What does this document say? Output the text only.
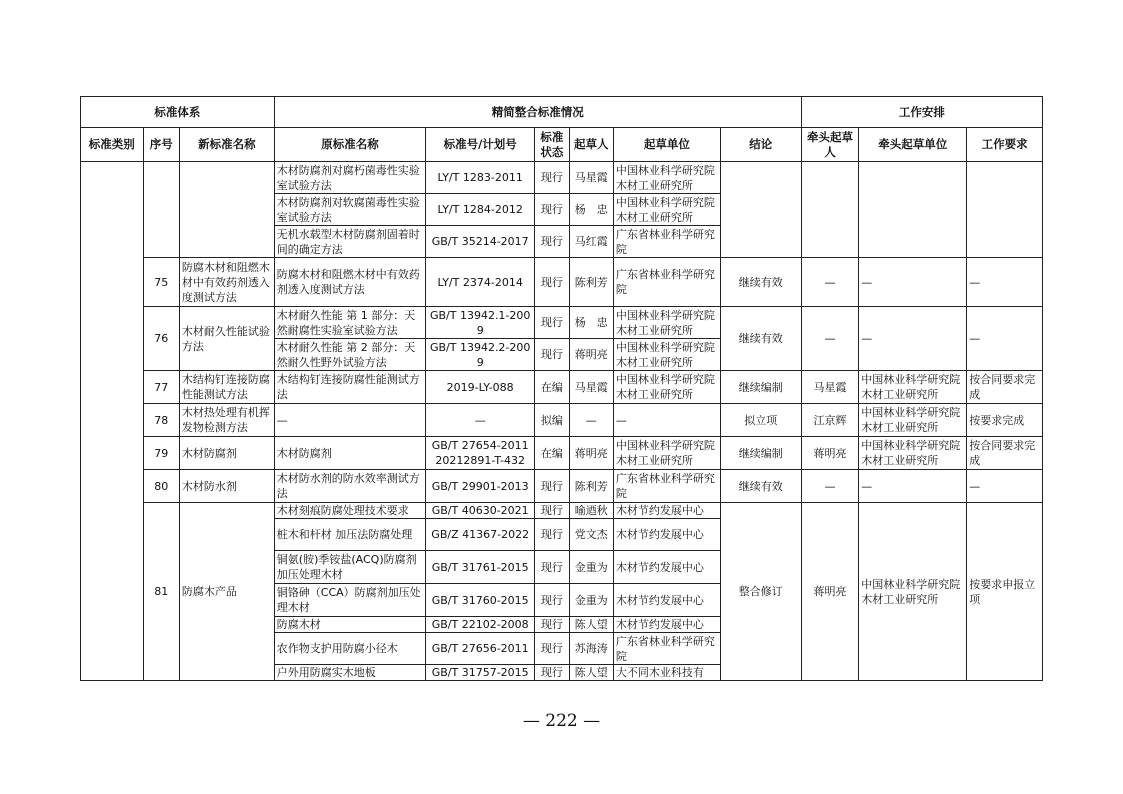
标准体系			精简整合标准情况						工作安排		
标准类别	序号	新标准名称	原标准名称	标准号/计划号	标准状态	起草人	起草单位	结论	牵头起草人	牵头起草单位	工作要求
			木材防腐剂对腐朽菌毒性实验室试验方法	LY/T 1283-2011	现行	马星霞	中国林业科学研究院木材工业研究所				
			木材防腐剂对软腐菌毒性实验室试验方法	LY/T 1284-2012	现行	杨　忠	中国林业科学研究院木材工业研究所				
			无机水载型木材防腐剂固着时间的确定方法	GB/T 35214-2017	现行	马红霞	广东省林业科学研究院				
	75	防腐木材和阻燃木材中有效药剂透入度测试方法	防腐木材和阻燃木材中有效药剂透入度测试方法	LY/T 2374-2014	现行	陈利芳	广东省林业科学研究院	继续有效	—	—	—
	76	木材耐久性能试验方法	木材耐久性能 第 1 部分：天然耐腐性实验室试验方法	GB/T 13942.1-2009	现行	杨　忠	中国林业科学研究院木材工业研究所	继续有效	—	—	—
			木材耐久性能 第 2 部分：天然耐久性野外试验方法	GB/T 13942.2-2009	现行	蒋明亮	中国林业科学研究院木材工业研究所				
	77	木结构钉连接防腐性能测试方法	木结构钉连接防腐性能测试方法	2019-LY-088	在编	马星霞	中国林业科学研究院木材工业研究所	继续编制	马星霞	中国林业科学研究院木材工业研究所	按合同要求完成
	78	木材热处理有机挥发物检测方法	—	—	拟编	—	—	拟立项	江京辉	中国林业科学研究院木材工业研究所	按要求完成
	79	木材防腐剂	木材防腐剂	GB/T 27654-2011 20212891-T-432	在编	蒋明亮	中国林业科学研究院木材工业研究所	继续编制	蒋明亮	中国林业科学研究院木材工业研究所	按合同要求完成
	80	木材防水剂	木材防水剂的防水效率测试方法	GB/T 29901-2013	现行	陈利芳	广东省林业科学研究院	继续有效	—	—	—
	81	防腐木产品	木材刻痕防腐处理技术要求	GB/T 40630-2021	现行	喻迺秋	木材节约发展中心	整合修订	蒋明亮	中国林业科学研究院木材工业研究所	按要求申报立项
			桩木和杆材 加压法防腐处理	GB/Z 41367-2022	现行	党文杰	木材节约发展中心				
			铜氨(胺)季铵盐(ACQ)防腐剂加压处理木材	GB/T 31761-2015	现行	金重为	木材节约发展中心				
			铜铬砷（CCA）防腐剂加压处理木材	GB/T 31760-2015	现行	金重为	木材节约发展中心				
			防腐木材	GB/T 22102-2008	现行	陈人望	木材节约发展中心				
			农作物支护用防腐小径木	GB/T 27656-2011	现行	苏海涛	广东省林业科学研究院				
			户外用防腐实木地板	GB/T 31757-2015	现行	陈人望	大不同木业科技有				
— 222 —
